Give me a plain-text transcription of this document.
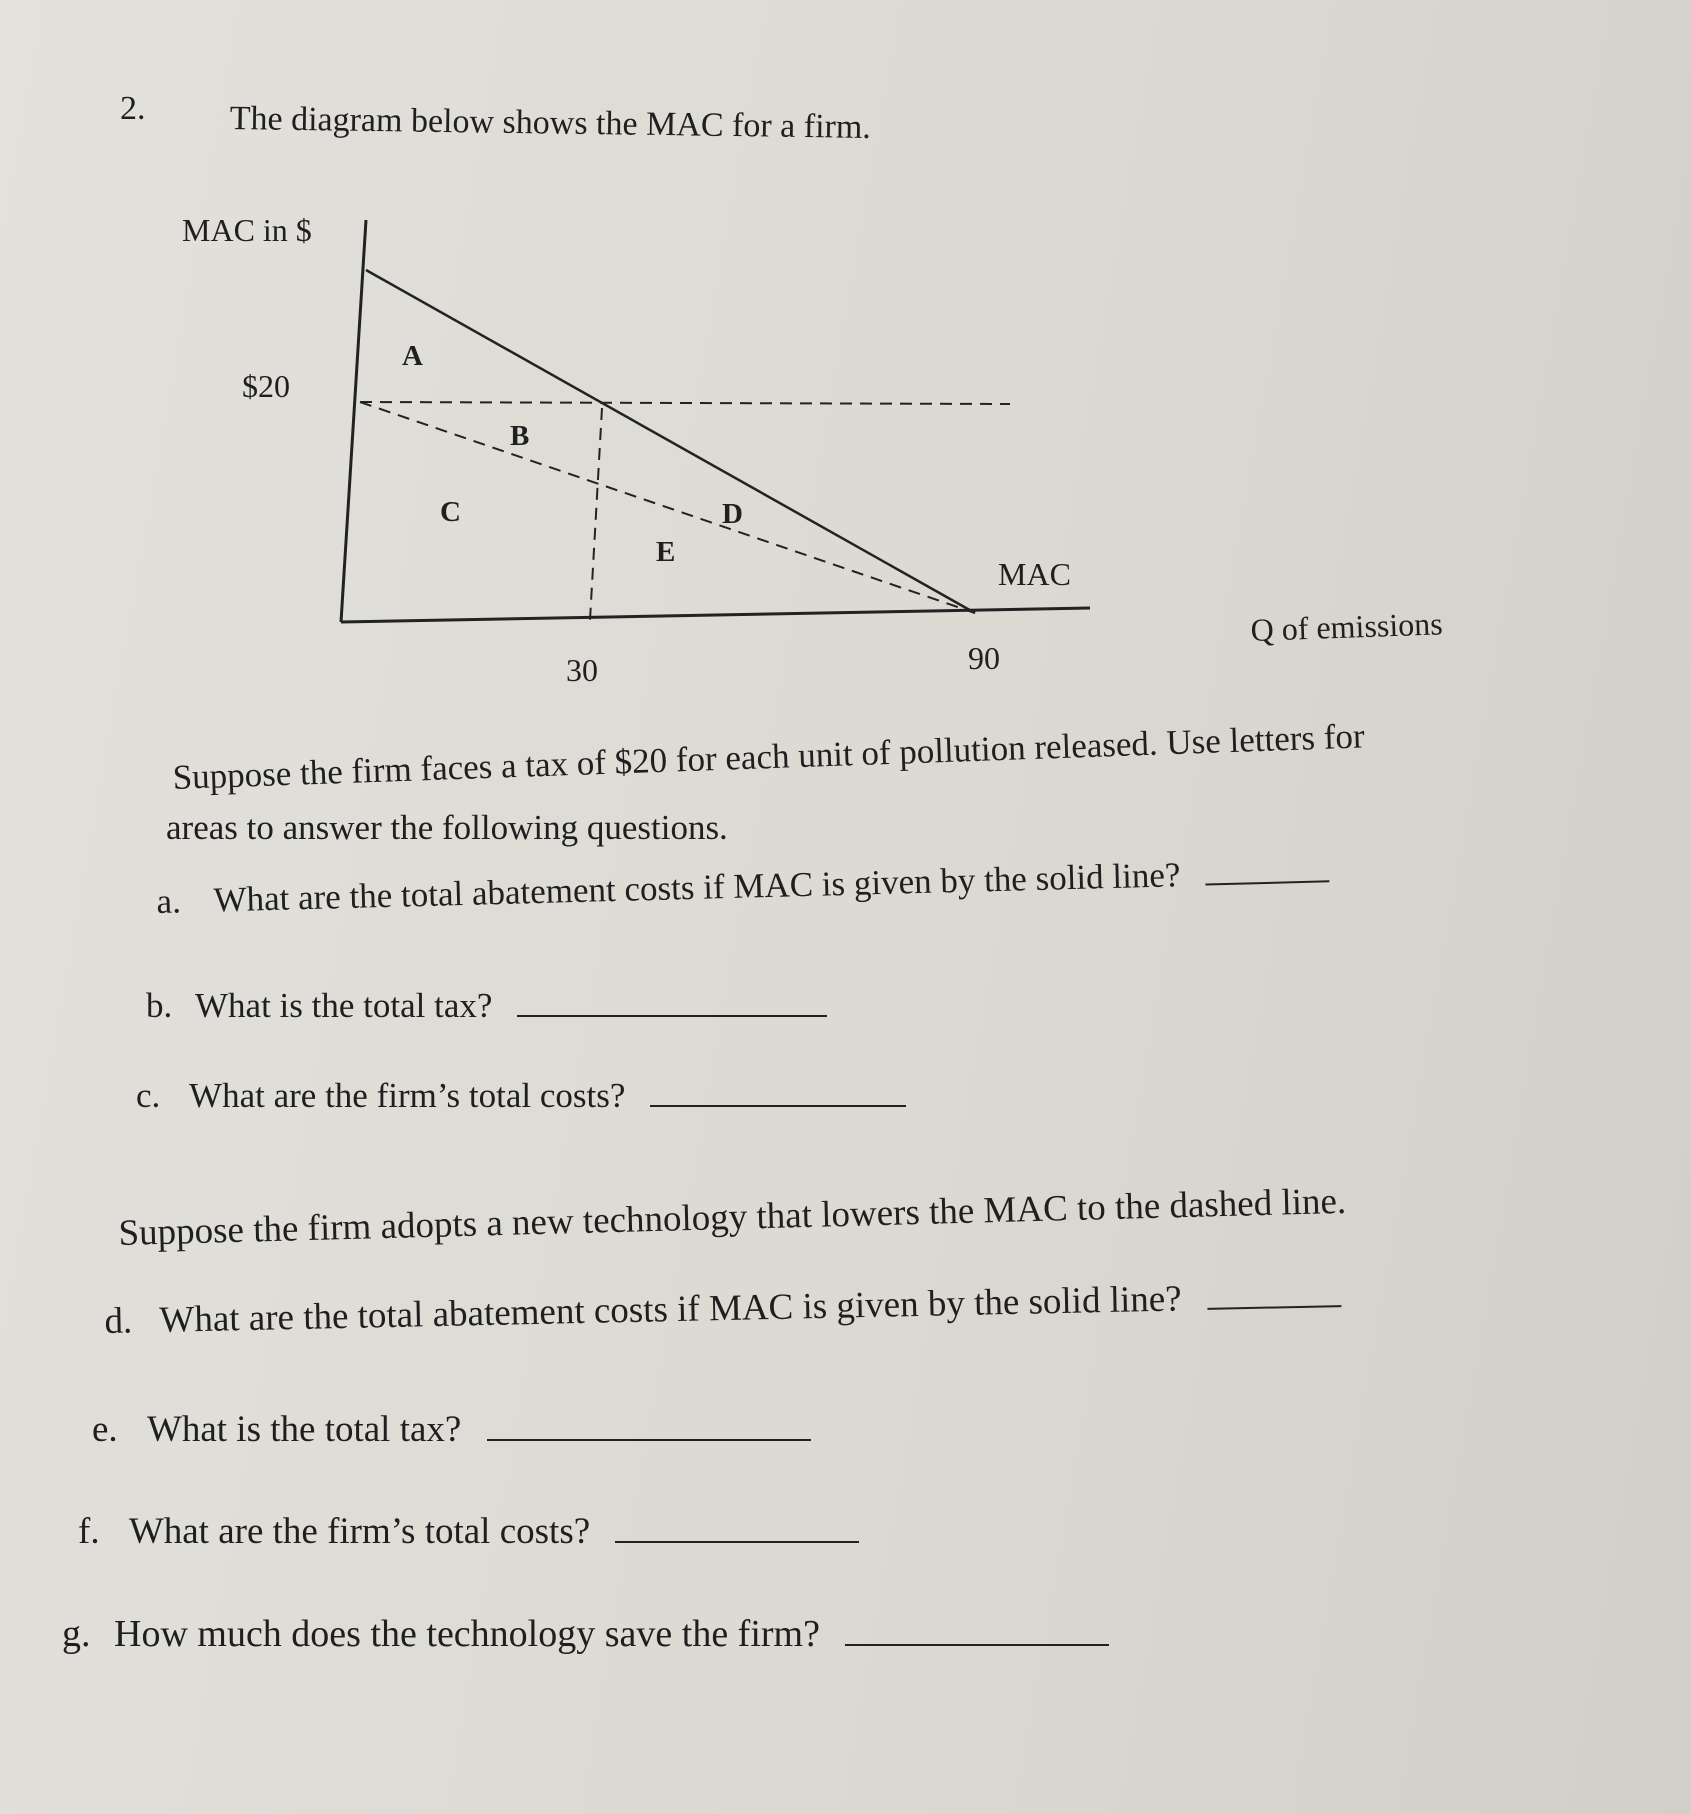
2. The diagram below shows the MAC for a firm.
MAC in $
$20
A
B
C	D
E
MAC
30	90
Q of emissions
Suppose the firm faces a tax of $20 for each unit of pollution released. Use letters for
areas to answer the following questions.
a. What are the total abatement costs if MAC is given by the solid line?
b. What is the total tax?
c. What are the firm’s total costs?
Suppose the firm adopts a new technology that lowers the MAC to the dashed line.
d. What are the total abatement costs if MAC is given by the solid line?
e. What is the total tax?
f. What are the firm’s total costs?
g. How much does the technology save the firm?
